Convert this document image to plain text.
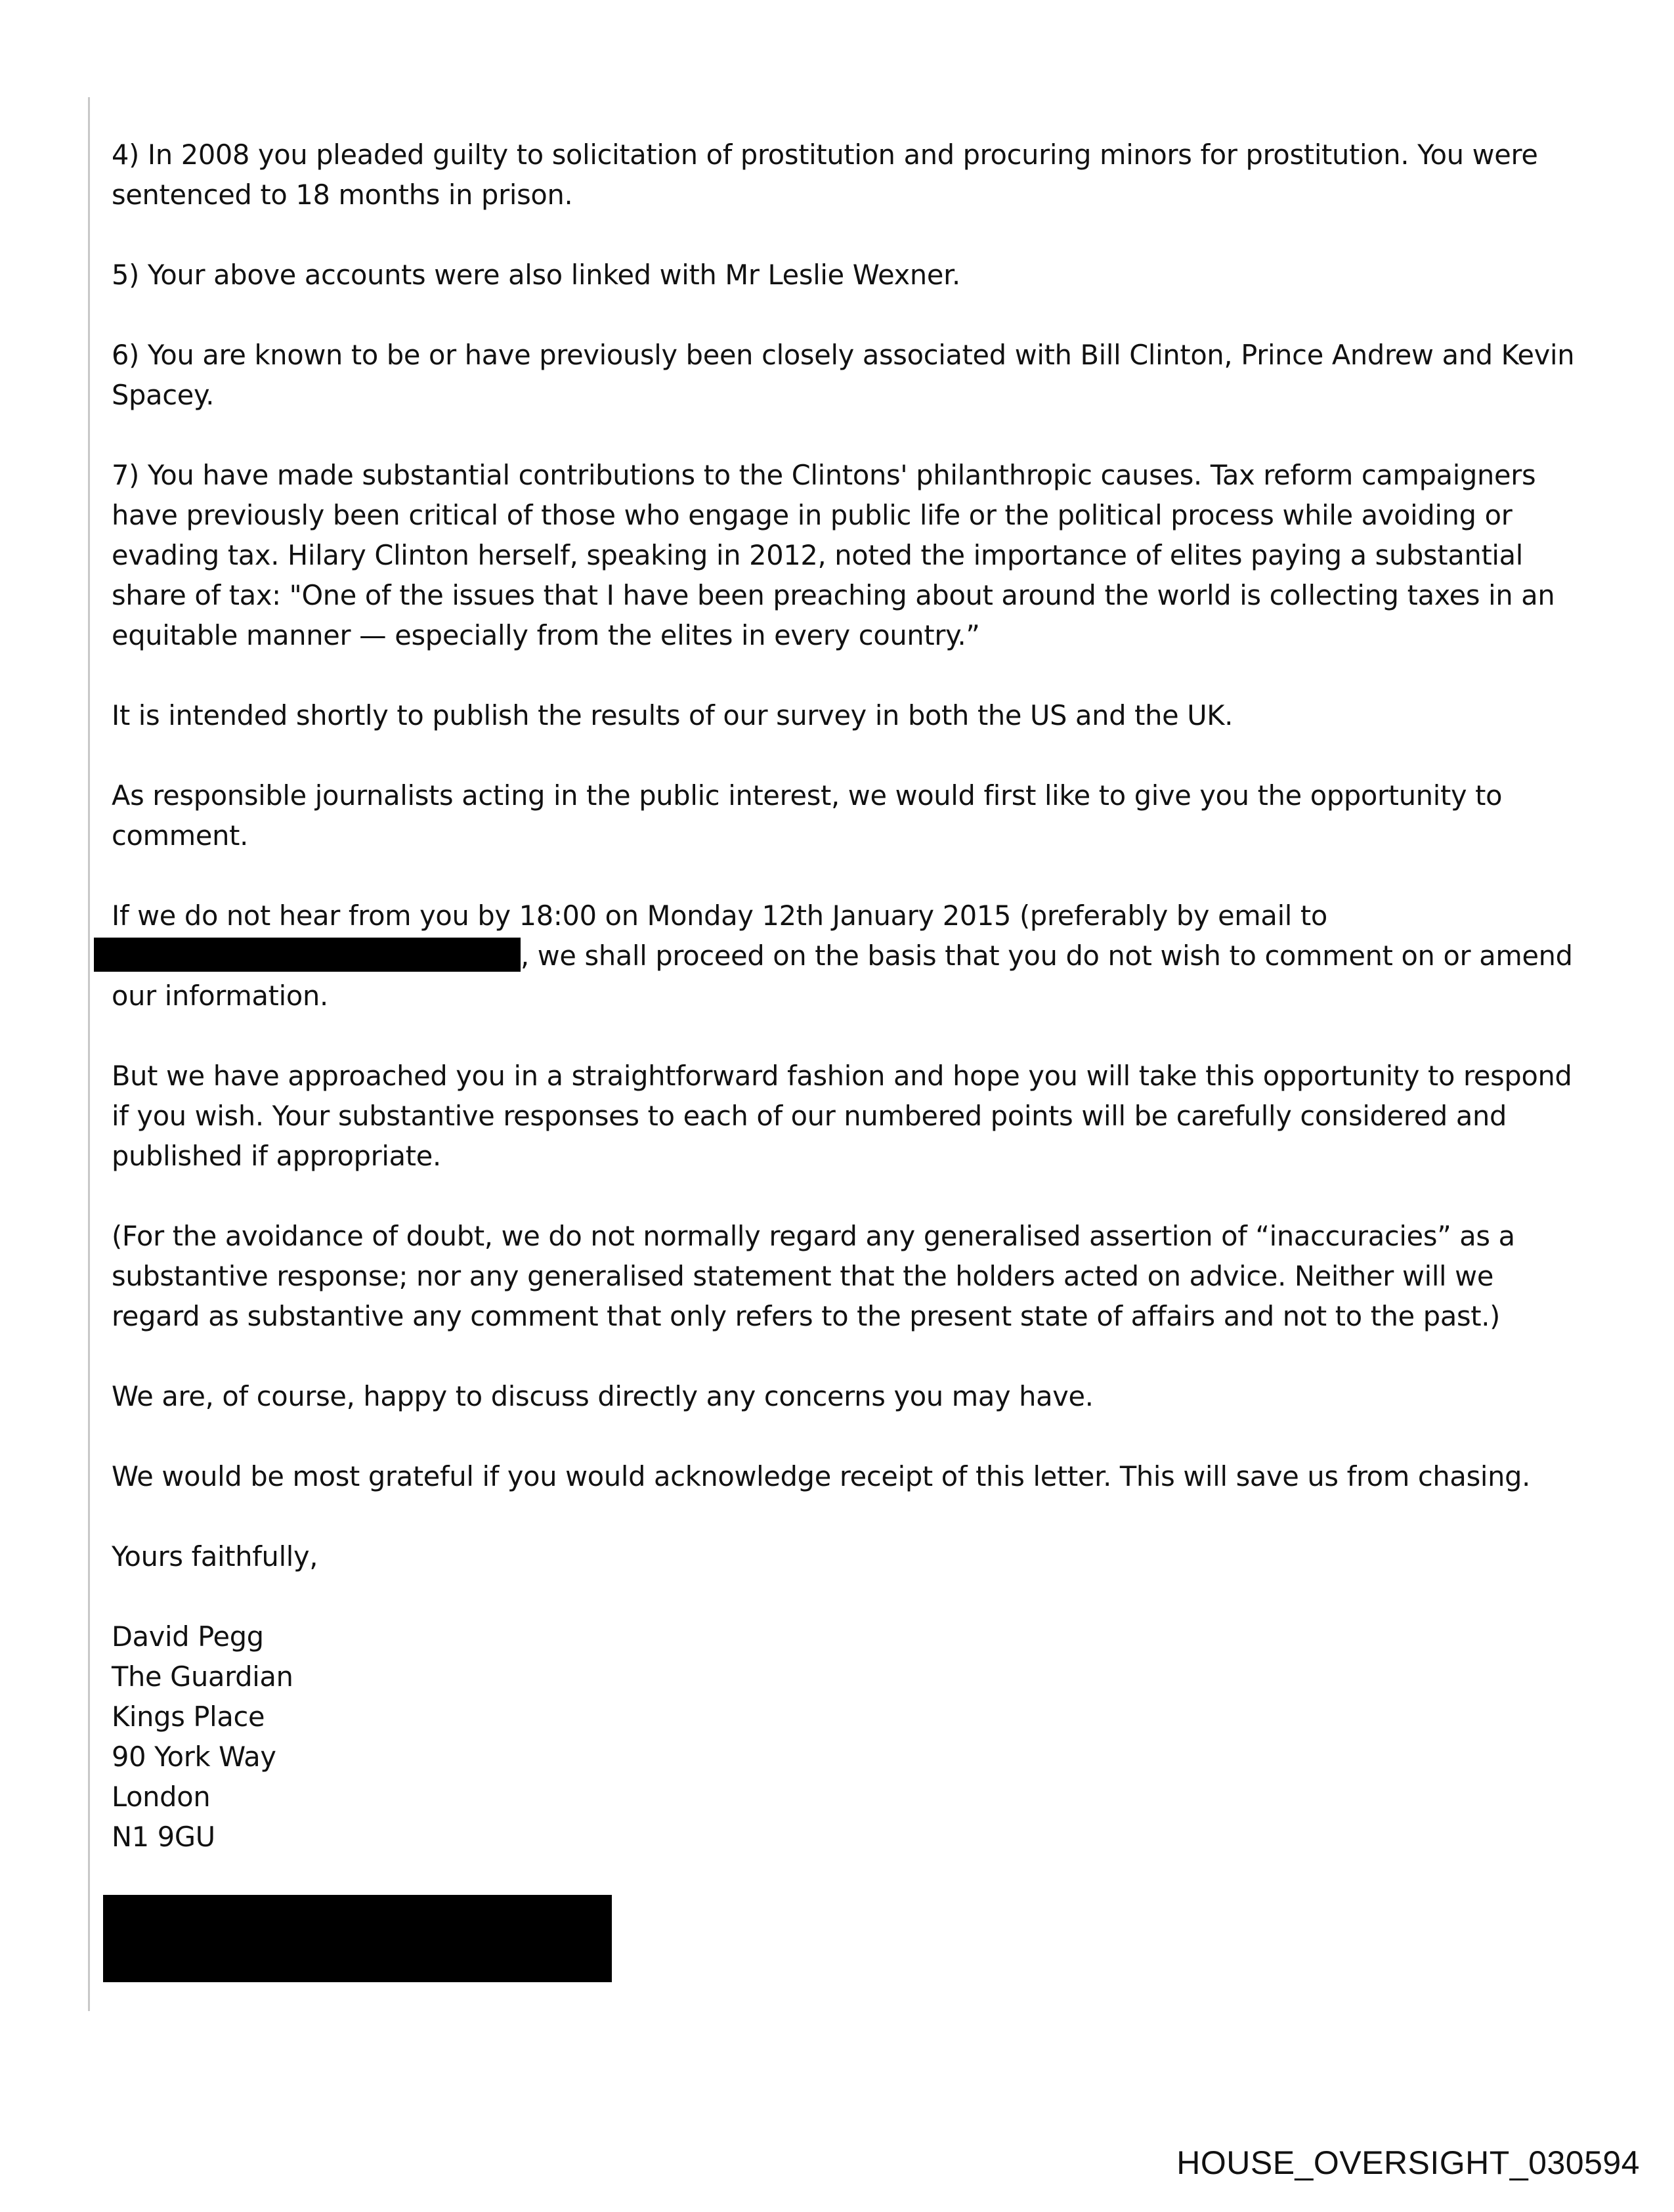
4) In 2008 you pleaded guilty to solicitation of prostitution and procuring minors for prostitution. You were sentenced to 18 months in prison.

5) Your above accounts were also linked with Mr Leslie Wexner.

6) You are known to be or have previously been closely associated with Bill Clinton, Prince Andrew and Kevin Spacey.

7) You have made substantial contributions to the Clintons' philanthropic causes. Tax reform campaigners have previously been critical of those who engage in public life or the political process while avoiding or evading tax. Hilary Clinton herself, speaking in 2012, noted the importance of elites paying a substantial share of tax: "One of the issues that I have been preaching about around the world is collecting taxes in an equitable manner — especially from the elites in every country.”

It is intended shortly to publish the results of our survey in both the US and the UK.

As responsible journalists acting in the public interest, we would first like to give you the opportunity to comment.

If we do not hear from you by 18:00 on Monday 12th January 2015 (preferably by email to
, we shall proceed on the basis that you do not wish to comment on or amend our information.

But we have approached you in a straightforward fashion and hope you will take this opportunity to respond if you wish. Your substantive responses to each of our numbered points will be carefully considered and published if appropriate.

(For the avoidance of doubt, we do not normally regard any generalised assertion of “inaccuracies” as a substantive response; nor any generalised statement that the holders acted on advice. Neither will we regard as substantive any comment that only refers to the present state of affairs and not to the past.)

We are, of course, happy to discuss directly any concerns you may have.

We would be most grateful if you would acknowledge receipt of this letter. This will save us from chasing.

Yours faithfully,

David Pegg
The Guardian
Kings Place
90 York Way
London
N1 9GU
HOUSE_OVERSIGHT_030594
